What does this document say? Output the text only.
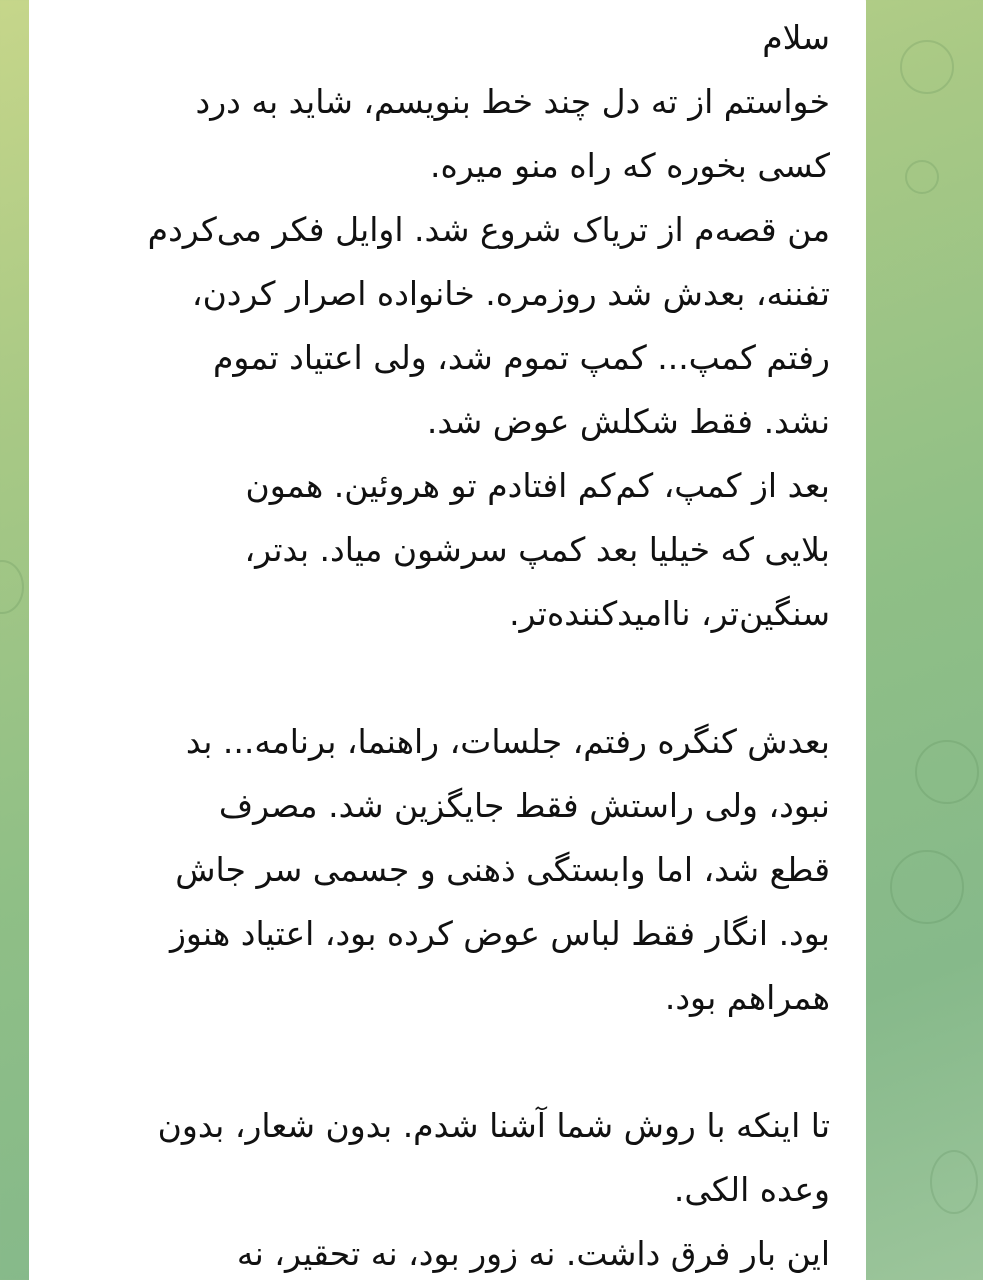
سلام
خواستم از ته دل چند خط بنویسم، شاید به درد
کسی بخوره که راه منو میره.
من قصه‌م از تریاک شروع شد. اوایل فکر می‌کردم
تفننه، بعدش شد روزمره. خانواده اصرار کردن،
رفتم کمپ... کمپ تموم شد، ولی اعتیاد تموم
نشد. فقط شکلش عوض شد.
بعد از کمپ، کم‌کم افتادم تو هروئین. همون
بلایی که خیلیا بعد کمپ سرشون میاد. بدتر،
سنگین‌تر، ناامیدکننده‌تر.
بعدش کنگره رفتم، جلسات، راهنما، برنامه... بد
نبود، ولی راستش فقط جایگزین شد. مصرف
قطع شد، اما وابستگی ذهنی و جسمی سر جاش
بود. انگار فقط لباس عوض کرده بود، اعتیاد هنوز
همراهم بود.
تا اینکه با روش شما آشنا شدم. بدون شعار، بدون
وعده الکی.
این بار فرق داشت. نه زور بود، نه تحقیر، نه
